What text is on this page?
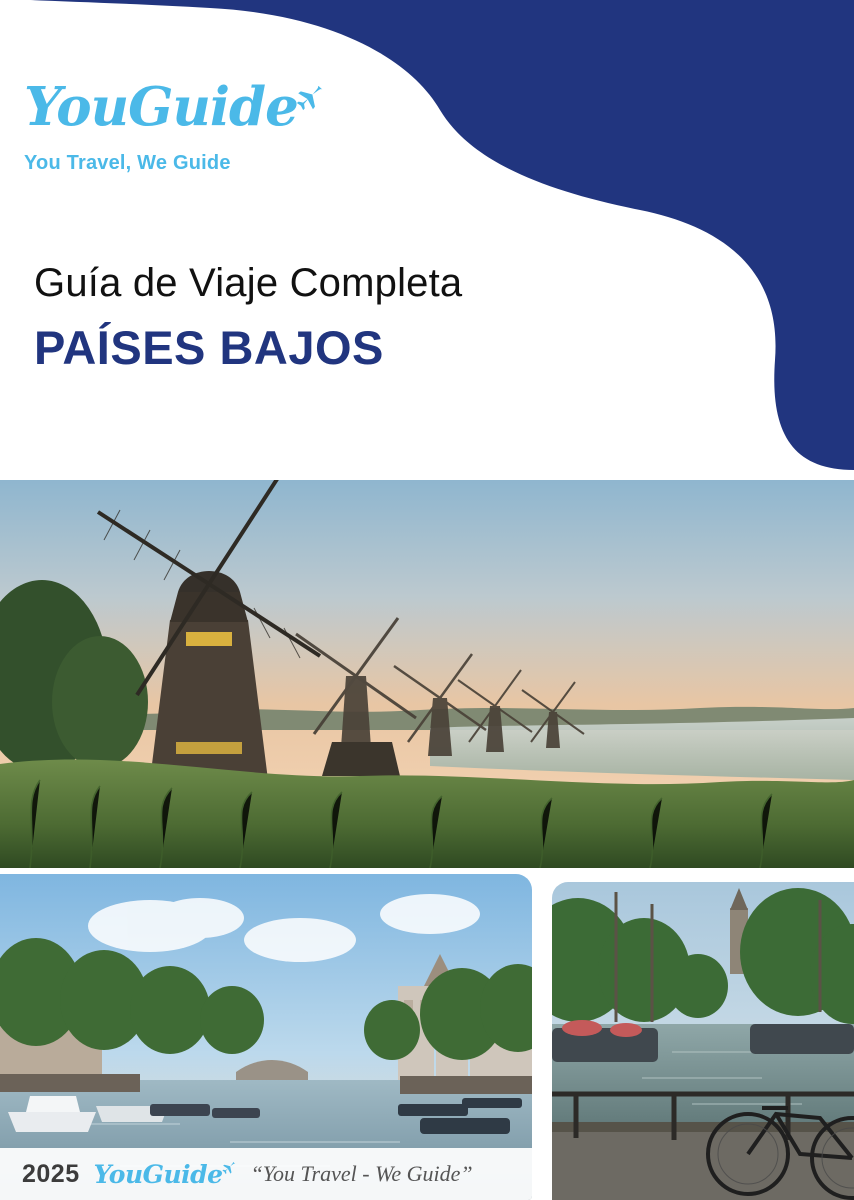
YouGuide
You Travel, We Guide
Guía de Viaje Completa
PAÍSES BAJOS
2025 YouGuide “You Travel - We Guide”
